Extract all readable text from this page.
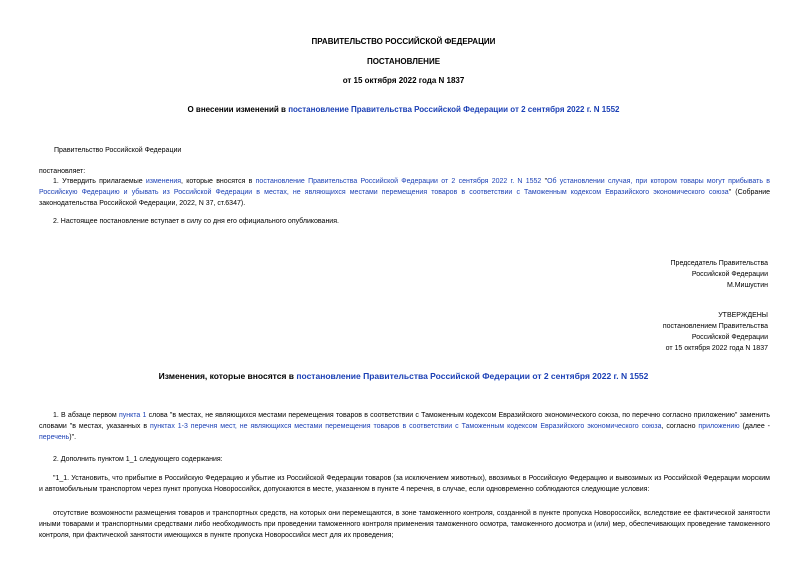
ПРАВИТЕЛЬСТВО РОССИЙСКОЙ ФЕДЕРАЦИИ
ПОСТАНОВЛЕНИЕ
от 15 октября 2022 года N 1837
О внесении изменений в постановление Правительства Российской Федерации от 2 сентября 2022 г. N 1552
Правительство Российской Федерации
постановляет:
1. Утвердить прилагаемые изменения, которые вносятся в постановление Правительства Российской Федерации от 2 сентября 2022 г. N 1552 "Об установлении случая, при котором товары могут прибывать в Российскую Федерацию и убывать из Российской Федерации в местах, не являющихся местами перемещения товаров в соответствии с Таможенным кодексом Евразийского экономического союза" (Собрание законодательства Российской Федерации, 2022, N 37, ст.6347).
2. Настоящее постановление вступает в силу со дня его официального опубликования.
Председатель Правительства
Российской Федерации
М.Мишустин
УТВЕРЖДЕНЫ
постановлением Правительства
Российской Федерации
от 15 октября 2022 года N 1837
Изменения, которые вносятся в постановление Правительства Российской Федерации от 2 сентября 2022 г. N 1552
1. В абзаце первом пункта 1 слова "в местах, не являющихся местами перемещения товаров в соответствии с Таможенным кодексом Евразийского экономического союза, по перечню согласно приложению" заменить словами "в местах, указанных в пунктах 1-3 перечня мест, не являющихся местами перемещения товаров в соответствии с Таможенным кодексом Евразийского экономического союза, согласно приложению (далее - перечень)".
2. Дополнить пунктом 1_1 следующего содержания:
"1_1. Установить, что прибытие в Российскую Федерацию и убытие из Российской Федерации товаров (за исключением животных), ввозимых в Российскую Федерацию и вывозимых из Российской Федерации морским и автомобильным транспортом через пункт пропуска Новороссийск, допускаются в месте, указанном в пункте 4 перечня, в случае, если одновременно соблюдаются следующие условия:
отсутствие возможности размещения товаров и транспортных средств, на которых они перемещаются, в зоне таможенного контроля, созданной в пункте пропуска Новороссийск, вследствие ее фактической занятости иными товарами и транспортными средствами либо необходимость при проведении таможенного контроля применения таможенного осмотра, таможенного досмотра и (или) мер, обеспечивающих проведение таможенного контроля, при фактической занятости имеющихся в пункте пропуска Новороссийск мест для их проведения;
